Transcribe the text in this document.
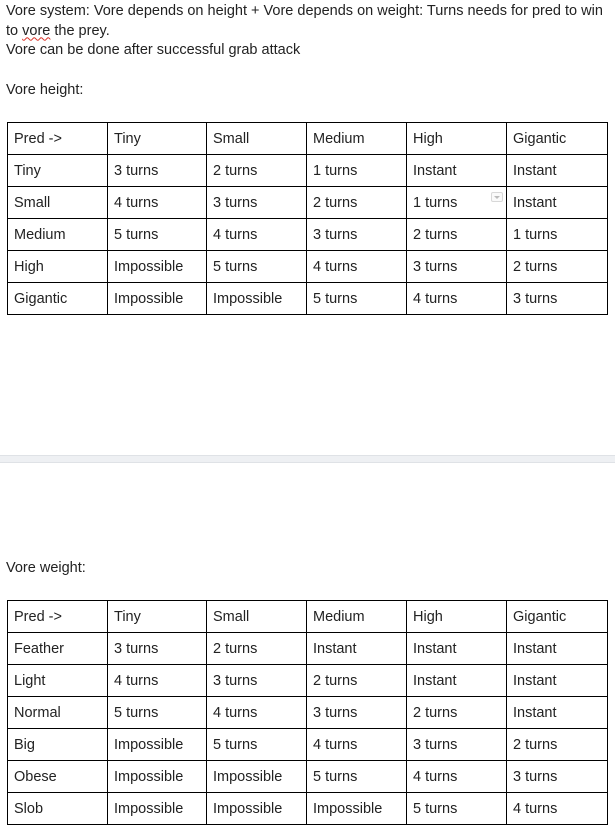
Vore system: Vore depends on height + Vore depends on weight: Turns needs for pred to win to vore the prey.

Vore can be done after successful grab attack

Vore height:

Pred ->	Tiny	Small	Medium	High	Gigantic
Tiny	3 turns	2 turns	1 turns	Instant	Instant
Small	4 turns	3 turns	2 turns	1 turns	Instant
Medium	5 turns	4 turns	3 turns	2 turns	1 turns
High	Impossible	5 turns	4 turns	3 turns	2 turns
Gigantic	Impossible	Impossible	5 turns	4 turns	3 turns

Vore weight:

Pred ->	Tiny	Small	Medium	High	Gigantic
Feather	3 turns	2 turns	Instant	Instant	Instant
Light	4 turns	3 turns	2 turns	Instant	Instant
Normal	5 turns	4 turns	3 turns	2 turns	Instant
Big	Impossible	5 turns	4 turns	3 turns	2 turns
Obese	Impossible	Impossible	5 turns	4 turns	3 turns
Slob	Impossible	Impossible	Impossible	5 turns	4 turns
